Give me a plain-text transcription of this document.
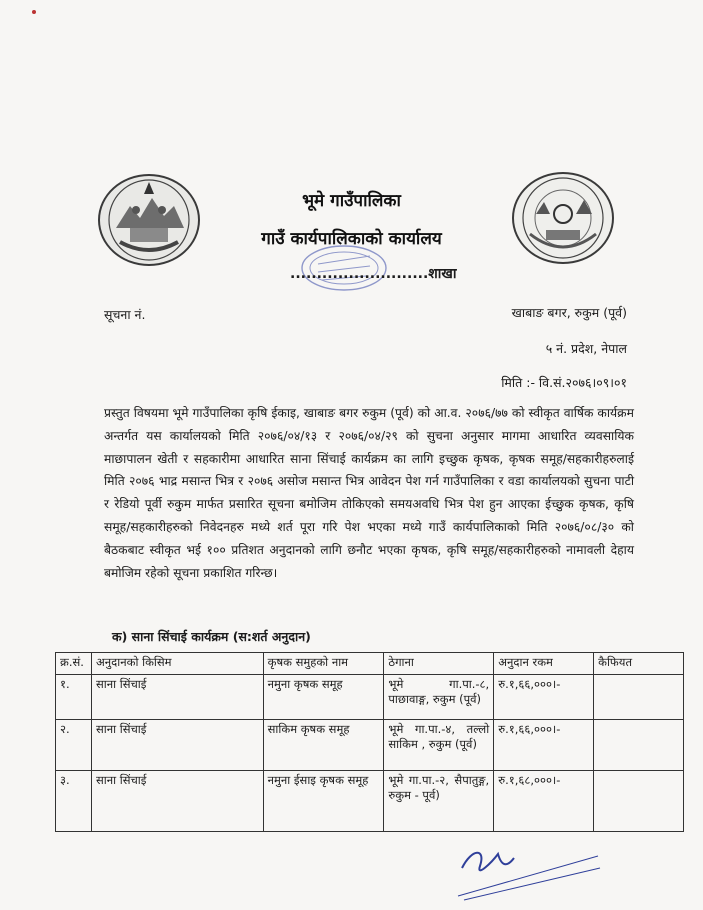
भूमे गाउँपालिका
गाउँ कार्यपालिकाको कार्यालय
..........................शाखा
सूचना नं.	खाबाङ बगर, रुकुम (पूर्व)
५ नं. प्रदेश, नेपाल
मिति :- वि.सं.२०७६।०९।०१
प्रस्तुत विषयमा भूमे गाउँपालिका कृषि ईकाइ, खाबाङ बगर रुकुम (पूर्व) को आ.व. २०७६/७७ को स्वीकृत वार्षिक कार्यक्रम अन्तर्गत यस कार्यालयको मिति २०७६/०४/१३ र २०७६/०४/२९ को सुचना अनुसार मागमा आधारित व्यवसायिक माछापालन खेती र सहकारीमा आधारित साना सिंचाई कार्यक्रम का लागि इच्छुक कृषक, कृषक समूह/सहकारीहरुलाई मिति २०७६ भाद्र मसान्त भित्र र २०७६ असोज मसान्त भित्र आवेदन पेश गर्न गाउँपालिका र वडा कार्यालयको सुचना पाटी र रेडियो पूर्वी रुकुम मार्फत प्रसारित सूचना बमोजिम तोकिएको समयअवधि भित्र पेश हुन आएका ईच्छुक कृषक, कृषि समूह/सहकारीहरुको निवेदनहरु मध्ये शर्त पूरा गरि पेश भएका मध्ये गाउँ कार्यपालिकाको मिति २०७६/०८/३० को बैठकबाट स्वीकृत भई १०० प्रतिशत अनुदानको लागि छनौट भएका कृषक, कृषि समूह/सहकारीहरुको नामावली देहाय बमोजिम रहेको सूचना प्रकाशित गरिन्छ।
क) साना सिंचाई कार्यक्रम (स:शर्त अनुदान)
क्र.सं.	अनुदानको किसिम	कृषक समुहको नाम	ठेगाना	अनुदान रकम	कैफियत
१.	साना सिंचाई	नमुना कृषक समूह	भूमे गा.पा.-८, पाछावाङ्ग, रुकुम (पूर्व)	रु.१,६६,०००।-	
२.	साना सिंचाई	साकिम कृषक समूह	भूमे गा.पा.-४, तल्लो साकिम , रुकुम (पूर्व)	रु.१,६६,०००।-	
३.	साना सिंचाई	नमुना ईसाइ कृषक समूह	भूमे गा.पा.-२, सैपातुङ्ग, रुकुम - पूर्व)	रु.१,६८,०००।-	
